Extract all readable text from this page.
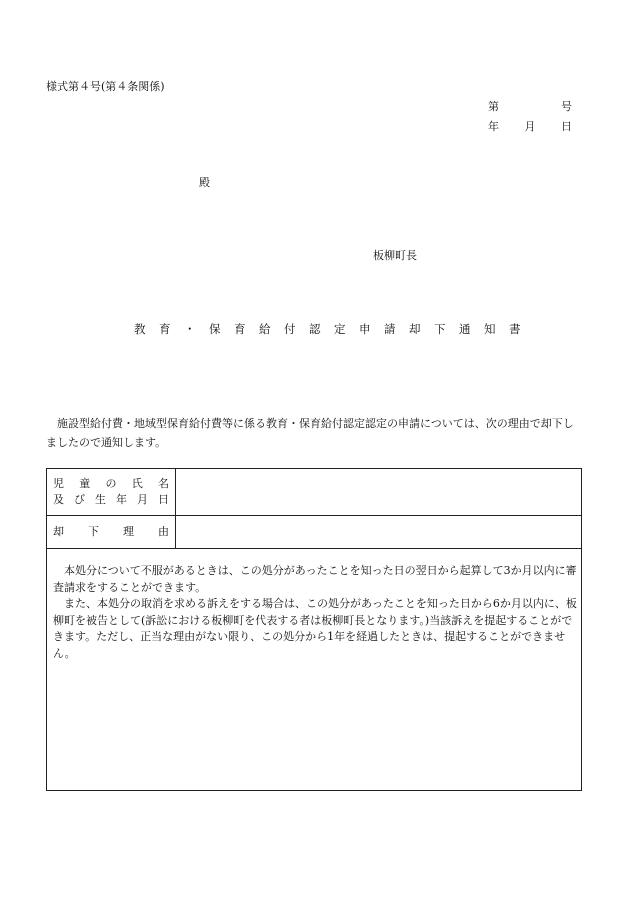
様式第４号(第４条関係)
第	号
年 月 日
殿
板柳町長
教育・保育給付認定申請却下通知書
施設型給付費・地域型保育給付費等に係る教育・保育給付認定認定の申請については、次の理由で却下しましたので通知します。
児 童 の 氏 名
及 び 生 年 月 日
却 下 理 由

本処分について不服があるときは、この処分があったことを知った日の翌日から起算して3か月以内に審査請求をすることができます。

また、本処分の取消を求める訴えをする場合は、この処分があったことを知った日から6か月以内に、板柳町を被告として(訴訟における板柳町を代表する者は板柳町長となります。)当該訴えを提起することができます。ただし、正当な理由がない限り、この処分から1年を経過したときは、提起することができません。
